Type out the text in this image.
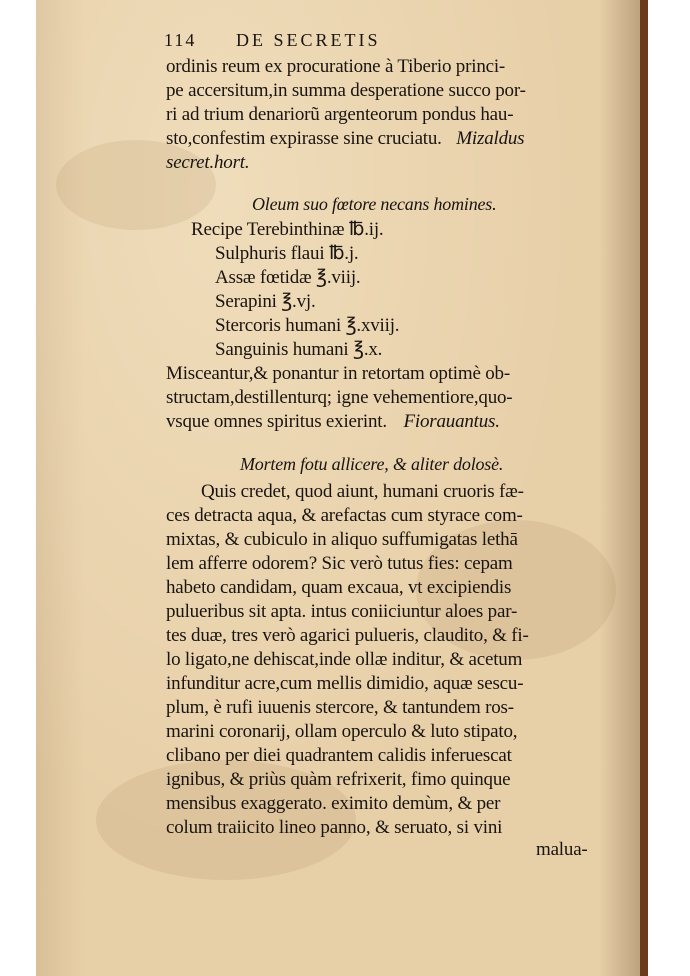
114 DE SECRETIS
ordinis reum ex procuratione à Tiberio princi-
pe accersitum,in summa desperatione succo por-
ri ad trium denariorũ argenteorum pondus hau-
sto,confestim expirasse sine cruciatu. Mizaldus
secret.hort.
Oleum suo fœtore necans homines.
Recipe Terebinthinæ ℔.ij.
Sulphuris flaui ℔.j.
Assæ fœtidæ ℥.viij.
Serapini ℥.vj.
Stercoris humani ℥.xviij.
Sanguinis humani ℥.x.
Misceantur,& ponantur in retortam optimè ob-
structam,destillenturq; igne vehementiore,quo-
vsque omnes spiritus exierint. Fiorauantus.
Mortem fotu allicere, & aliter dolosè.
Quis credet, quod aiunt, humani cruoris fæ-
ces detracta aqua, & arefactas cum styrace com-
mixtas, & cubiculo in aliquo suffumigatas lethā
lem afferre odorem? Sic verò tutus fies: cepam
habeto candidam, quam excaua, vt excipiendis
pulueribus sit apta. intus coniiciuntur aloes par-
tes duæ, tres verò agarici pulueris, claudito, & fi-
lo ligato,ne dehiscat,inde ollæ inditur, & acetum
infunditur acre,cum mellis dimidio, aquæ sescu-
plum, è rufi iuuenis stercore, & tantundem ros-
marini coronarij, ollam operculo & luto stipato,
clibano per diei quadrantem calidis inferuescat
ignibus, & priùs quàm refrixerit, fimo quinque
mensibus exaggerato. eximito demùm, & per
colum traiicito lineo panno, & seruato, si vini
malua-
